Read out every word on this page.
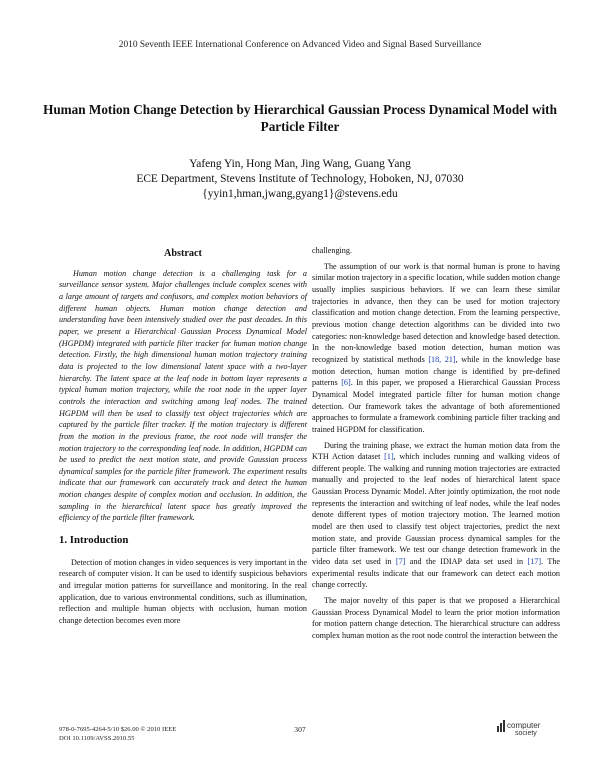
2010 Seventh IEEE International Conference on Advanced Video and Signal Based Surveillance
Human Motion Change Detection by Hierarchical Gaussian Process Dynamical Model with Particle Filter
Yafeng Yin, Hong Man, Jing Wang, Guang Yang
ECE Department, Stevens Institute of Technology, Hoboken, NJ, 07030
{yyin1,hman,jwang,gyang1}@stevens.edu

Abstract

Human motion change detection is a challenging task for a surveillance sensor system. Major challenges include complex scenes with a large amount of targets and confusors, and complex motion behaviors of different human objects. Human motion change detection and understanding have been intensively studied over the past decades. In this paper, we present a Hierarchical Gaussian Process Dynamical Model (HGPDM) integrated with particle filter tracker for human motion change detection. Firstly, the high dimensional human motion trajectory training data is projected to the low dimensional latent space with a two-layer hierarchy. The latent space at the leaf node in bottom layer represents a typical human motion trajectory, while the root node in the upper layer controls the interaction and switching among leaf nodes. The trained HGPDM will then be used to classify test object trajectories which are captured by the particle filter tracker. If the motion trajectory is different from the motion in the previous frame, the root node will transfer the motion trajectory to the corresponding leaf node. In addition, HGPDM can be used to predict the next motion state, and provide Gaussian process dynamical samples for the particle filter framework. The experiment results indicate that our framework can accurately track and detect the human motion changes despite of complex motion and occlusion. In addition, the sampling in the hierarchical latent space has greatly improved the efficiency of the particle filter framework.

1. Introduction

Detection of motion changes in video sequences is very important in the research of computer vision. It can be used to identify suspicious behaviors and irregular motion patterns for surveillance and monitoring. In the real application, due to various environmental conditions, such as illumination, reflection and multiple human objects with occlusion, human motion change detection becomes even more

challenging.

The assumption of our work is that normal human is prone to having similar motion trajectory in a specific location, while sudden motion change usually implies suspicious behaviors. If we can learn these similar trajectories in advance, then they can be used for motion trajectory classification and motion change detection. From the learning perspective, previous motion change detection algorithms can be divided into two categories: non-knowledge based detection and knowledge based detection. In the non-knowledge based motion detection, human motion was recognized by statistical methods [18, 21], while in the knowledge base motion detection, human motion change is identified by pre-defined patterns [6]. In this paper, we proposed a Hierarchical Gaussian Process Dynamical Model integrated particle filter for human motion change detection. Our framework takes the advantage of both aforementioned approaches to formulate a framework combining particle filter tracking and trained HGPDM for classification.

During the training phase, we extract the human motion data from the KTH Action dataset [1], which includes running and walking videos of different people. The walking and running motion trajectories are extracted manually and projected to the leaf nodes of hierarchical latent space Gaussian Process Dynamic Model. After jointly optimization, the root node represents the interaction and switching of leaf nodes, while the leaf nodes denote different types of motion trajectory motion. The learned motion model are then used to classify test object trajectories, predict the next motion state, and provide Gaussian process dynamical samples for the particle filter framework. We test our change detection framework in the video data set used in [7] and the IDIAP data set used in [17]. The experimental results indicate that our framework can detect each motion change correctly.

The major novelty of this paper is that we proposed a Hierarchical Gaussian Process Dynamical Model to learn the prior motion information for motion pattern change detection. The hierarchical structure can address complex human motion as the root node control the interaction between the

978-0-7695-4264-5/10 $26.00 © 2010 IEEE
DOI 10.1109/AVSS.2010.55
307	computer
society
